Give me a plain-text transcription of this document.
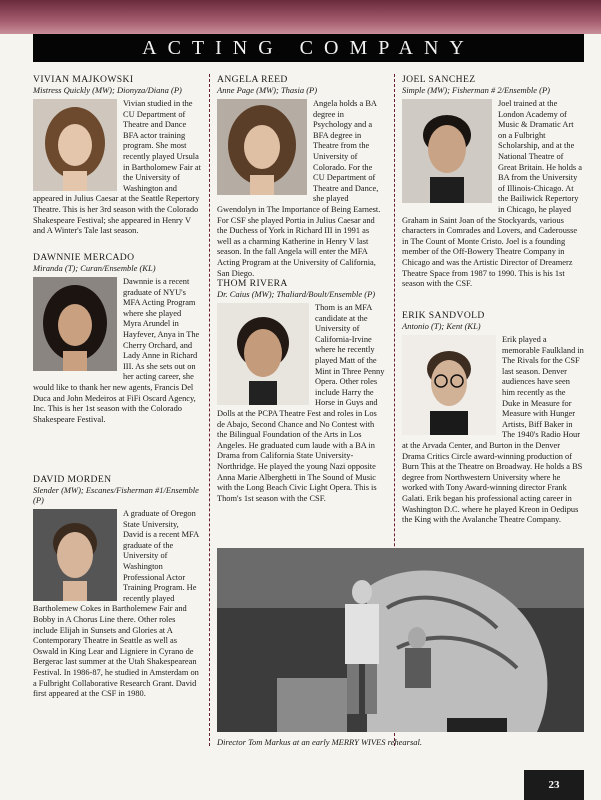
ACTING COMPANY

VIVIAN MAJKOWSKI

Mistress Quickly (MW); Dionyza/Diana (P)

Vivian studied in the CU Department of Theatre and Dance BFA actor training program. She most recently played Ursula in Bartholomew Fair at the University of Washington and appeared in Julius Caesar at the Seattle Repertory Theatre. This is her 3rd season with the Colorado Shakespeare Festival; she appeared in Henry V and A Winter's Tale last season.

DAWNNIE MERCADO

Miranda (T); Curan/Ensemble (KL)

Dawnnie is a recent graduate of NYU's MFA Acting Program where she played Myra Arundel in Hayfever, Anya in The Cherry Orchard, and Lady Anne in Richard III. As she sets out on her acting career, she would like to thank her new agents, Francis Del Duca and John Medeiros at FiFi Oscard Agency, Inc. This is her 1st season with the Colorado Shakespeare Festival.

DAVID MORDEN

Slender (MW); Escanes/Fisherman #1/Ensemble (P)

A graduate of Oregon State University, David is a recent MFA graduate of the University of Washington Professional Actor Training Program. He recently played Bartholemew Cokes in Bartholemew Fair and Bobby in A Chorus Line there. Other roles include Elijah in Sunsets and Glories at A Contemporary Theatre in Seattle as well as Oswald in King Lear and Ligniere in Cyrano de Bergerac last summer at the Utah Shakespearean Festival. In 1986-87, he studied in Amsterdam on a Fulbright Collaborative Research Grant. David first appeared at the CSF in 1980.

ANGELA REED

Anne Page (MW); Thasia (P)

Angela holds a BA degree in Psychology and a BFA degree in Theatre from the University of Colorado. For the CU Department of Theatre and Dance, she played Gwendolyn in The Importance of Being Earnest. For CSF she played Portia in Julius Caesar and the Duchess of York in Richard III in 1991 as well as a charming Katherine in Henry V last season. In the fall Angela will enter the MFA Acting Program at the University of California, San Diego.

THOM RIVERA

Dr. Caius (MW); Thaliard/Boult/Ensemble (P)

Thom is an MFA candidate at the University of California-Irvine where he recently played Matt of the Mint in Three Penny Opera. Other roles include Harry the Horse in Guys and Dolls at the PCPA Theatre Fest and roles in Los de Abajo, Second Chance and No Contest with the Bilingual Foundation of the Arts in Los Angeles. He graduated cum laude with a BA in Drama from California State University-Northridge. He played the young Nazi opposite Anna Marie Alberghetti in The Sound of Music with the Long Beach Civic Light Opera. This is Thom's 1st season with the CSF.

JOEL SANCHEZ

Simple (MW); Fisherman # 2/Ensemble (P)

Joel trained at the London Academy of Music & Dramatic Art on a Fulbright Scholarship, and at the National Theatre of Great Britain. He holds a BA from the University of Illinois-Chicago. At the Bailiwick Repertory in Chicago, he played Graham in Saint Joan of the Stockyards, various characters in Comrades and Lovers, and Caderousse in The Count of Monte Cristo. Joel is a founding member of the Off-Bowery Theatre Company in Chicago and was the Artistic Director of Dreamerz Theatre Space from 1987 to 1990. This is his 1st season with the CSF.

ERIK SANDVOLD

Antonio (T); Kent (KL)

Erik played a memorable Faulkland in The Rivals for the CSF last season. Denver audiences have seen him recently as the Duke in Measure for Measure with Hunger Artists, Biff Baker in The 1940's Radio Hour at the Arvada Center, and Burton in the Denver Drama Critics Circle award-winning production of Burn This at the Theatre on Broadway. He holds a BS degree from Northwestern University where he worked with Tony Award-winning director Frank Galati. Erik began his professional acting career in Washington D.C. where he played Kreon in Oedipus the King with the Avalanche Theatre Company.

Director Tom Markus at an early MERRY WIVES rehearsal.
23
